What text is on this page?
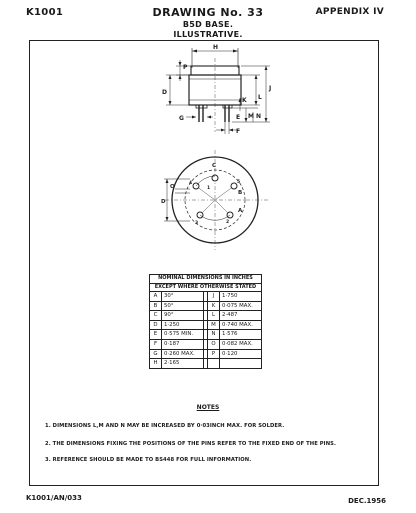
K1001	DRAWING No. 33
B5D BASE.
ILLUSTRATIVE.
APPENDIX IV
H
P
D
G
J
L
K
E M N
F
C
O
B
A
D
1
2
3
4	5
NOMINAL DIMENSIONS IN INCHES				
EXCEPT WHERE OTHERWISE STATED				
A	30°		J	1·750
B	50°		K	0·075 MAX.
C	90°		L	2·487
D	1·250		M	0·740 MAX.
E	0·575 MIN.		N	1·576
F	0·187		O	0·082 MAX.
G	0·260 MAX.		P	0·120
H	2·165			
NOTES
1. DIMENSIONS L,M AND N MAY BE INCREASED BY 0·03INCH MAX. FOR SOLDER.
2. THE DIMENSIONS FIXING THE POSITIONS OF THE PINS REFER TO THE FIXED END OF THE PINS.
3. REFERENCE SHOULD BE MADE TO BS448 FOR FULL INFORMATION.
K1001/AN/033	DEC.1956
